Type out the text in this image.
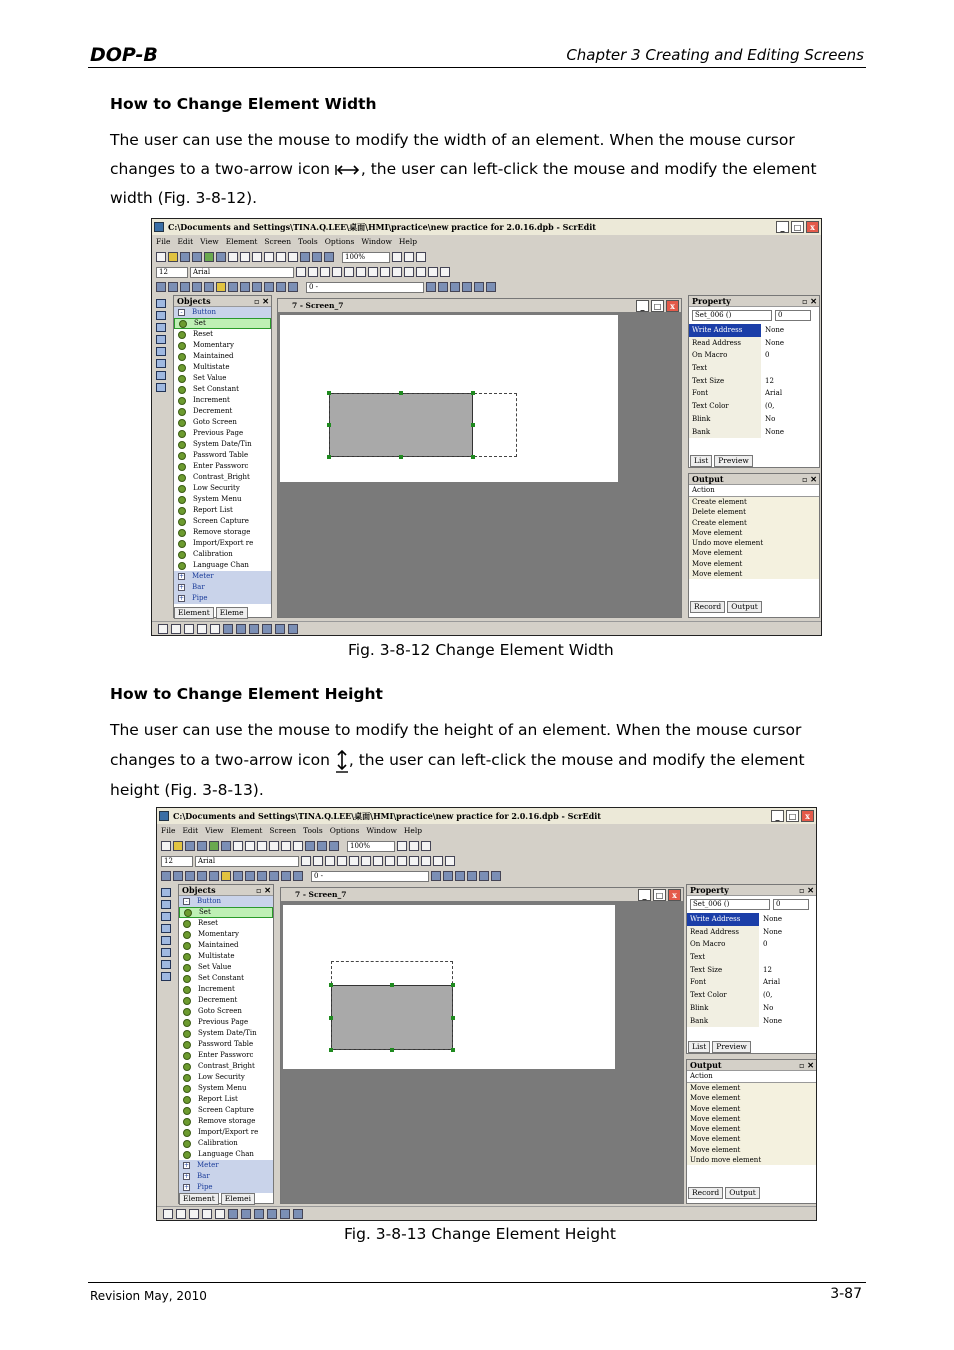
DOP-B	Chapter 3 Creating and Editing Screens
How to Change Element Width
The user can use the mouse to modify the width of an element. When the mouse cursor changes to a two-arrow icon , the user can left-click the mouse and modify the element width (Fig. 3-8-12).
C:\Documents and Settings\TINA.Q.LEE\桌面\HMI\practice\new practice for 2.0.16.dpb - ScrEdit	_	□	x
File Edit View Element Screen Tools Options Window Help
100%
12	Arial
0 -
Objects	▫ ✕
-	Button
Set
Reset
Momentary
Maintained
Multistate
Set Value
Set Constant
Increment
Decrement
Goto Screen
Previous Page
System Date/Tin
Password Table
Enter Passworc
Contrast_Bright
Low Security
System Menu
Report List
Screen Capture
Remove storage
Import/Export re
Calibration
Language Chan
+ Meter
+ Bar
+ Pipe
Element	Eleme
7 - Screen_7	_	□	x	Property	▫ ✕
Set_006 ()	0
Write Address	None
Read Address	None
On Macro	0
Text
Text Size	12
Font	Arial
Text Color	(0,
Blink	No
Bank	None
List	Preview
Output	▫ ✕
Action
Create element
Delete element
Create element
Move element
Undo move element
Move element
Move element
Move element
Record	Output
Fig. 3-8-12 Change Element Width
How to Change Element Height
The user can use the mouse to modify the height of an element. When the mouse cursor changes to a two-arrow icon , the user can left-click the mouse and modify the element height (Fig. 3-8-13).
C:\Documents and Settings\TINA.Q.LEE\桌面\HMI\practice\new practice for 2.0.16.dpb - ScrEdit	_	□	x
File Edit View Element Screen Tools Options Window Help
100%
12	Arial
0 -
Objects	▫ ✕
-	Button
Set
Reset
Momentary
Maintained
Multistate
Set Value
Set Constant
Increment
Decrement
Goto Screen
Previous Page
System Date/Tin
Password Table
Enter Passworc
Contrast_Bright
Low Security
System Menu
Report List
Screen Capture
Remove storage
Import/Export re
Calibration
Language Chan
+ Meter
+ Bar
+ Pipe
Element	Elemei
7 - Screen_7	_	□	x	Property	▫ ✕
Set_006 ()	0
Write Address	None
Read Address	None
On Macro	0
Text
Text Size	12
Font	Arial
Text Color	(0,
Blink	No
Bank	None
List	Preview
Output	▫ ✕
Action
Move element
Move element
Move element
Move element
Move element
Move element
Move element
Undo move element
Record	Output
Fig. 3-8-13 Change Element Height
Revision May, 2010	3-87
